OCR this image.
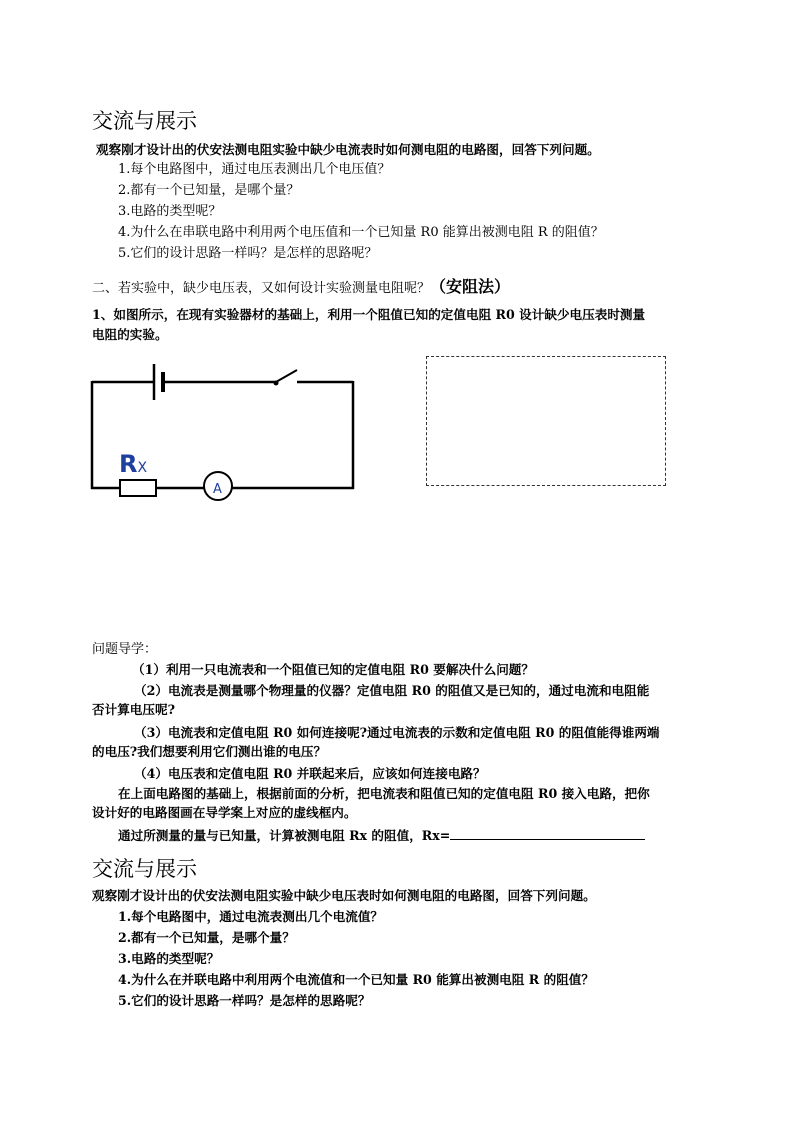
交流与展示
观察刚才设计出的伏安法测电阻实验中缺少电流表时如何测电阻的电路图，回答下列问题。
1.每个电路图中，通过电压表测出几个电压值？
2.都有一个已知量，是哪个量？
3.电路的类型呢？
4.为什么在串联电路中利用两个电压值和一个已知量 R0 能算出被测电阻 R 的阻值？
5.它们的设计思路一样吗？是怎样的思路呢？
二、若实验中，缺少电压表，又如何设计实验测量电阻呢？（安阻法）
1、如图所示，在现有实验器材的基础上，利用一个阻值已知的定值电阻 R0 设计缺少电压表时测量
电阻的实验。
RX
A
问题导学：
（1）利用一只电流表和一个阻值已知的定值电阻 R0 要解决什么问题？
（2）电流表是测量哪个物理量的仪器？定值电阻 R0 的阻值又是已知的，通过电流和电阻能
否计算电压呢?
（3）电流表和定值电阻 R0 如何连接呢?通过电流表的示数和定值电阻 R0 的阻值能得谁两端
的电压?我们想要利用它们测出谁的电压？
（4）电压表和定值电阻 R0 并联起来后，应该如何连接电路？
在上面电路图的基础上，根据前面的分析，把电流表和阻值已知的定值电阻 R0 接入电路，把你
设计好的电路图画在导学案上对应的虚线框内。
通过所测量的量与已知量，计算被测电阻 Rx 的阻值，Rx=
交流与展示
观察刚才设计出的伏安法测电阻实验中缺少电压表时如何测电阻的电路图，回答下列问题。
1.每个电路图中，通过电流表测出几个电流值？
2.都有一个已知量，是哪个量？
3.电路的类型呢？
4.为什么在并联电路中利用两个电流值和一个已知量 R0 能算出被测电阻 R 的阻值？
5.它们的设计思路一样吗？是怎样的思路呢？
